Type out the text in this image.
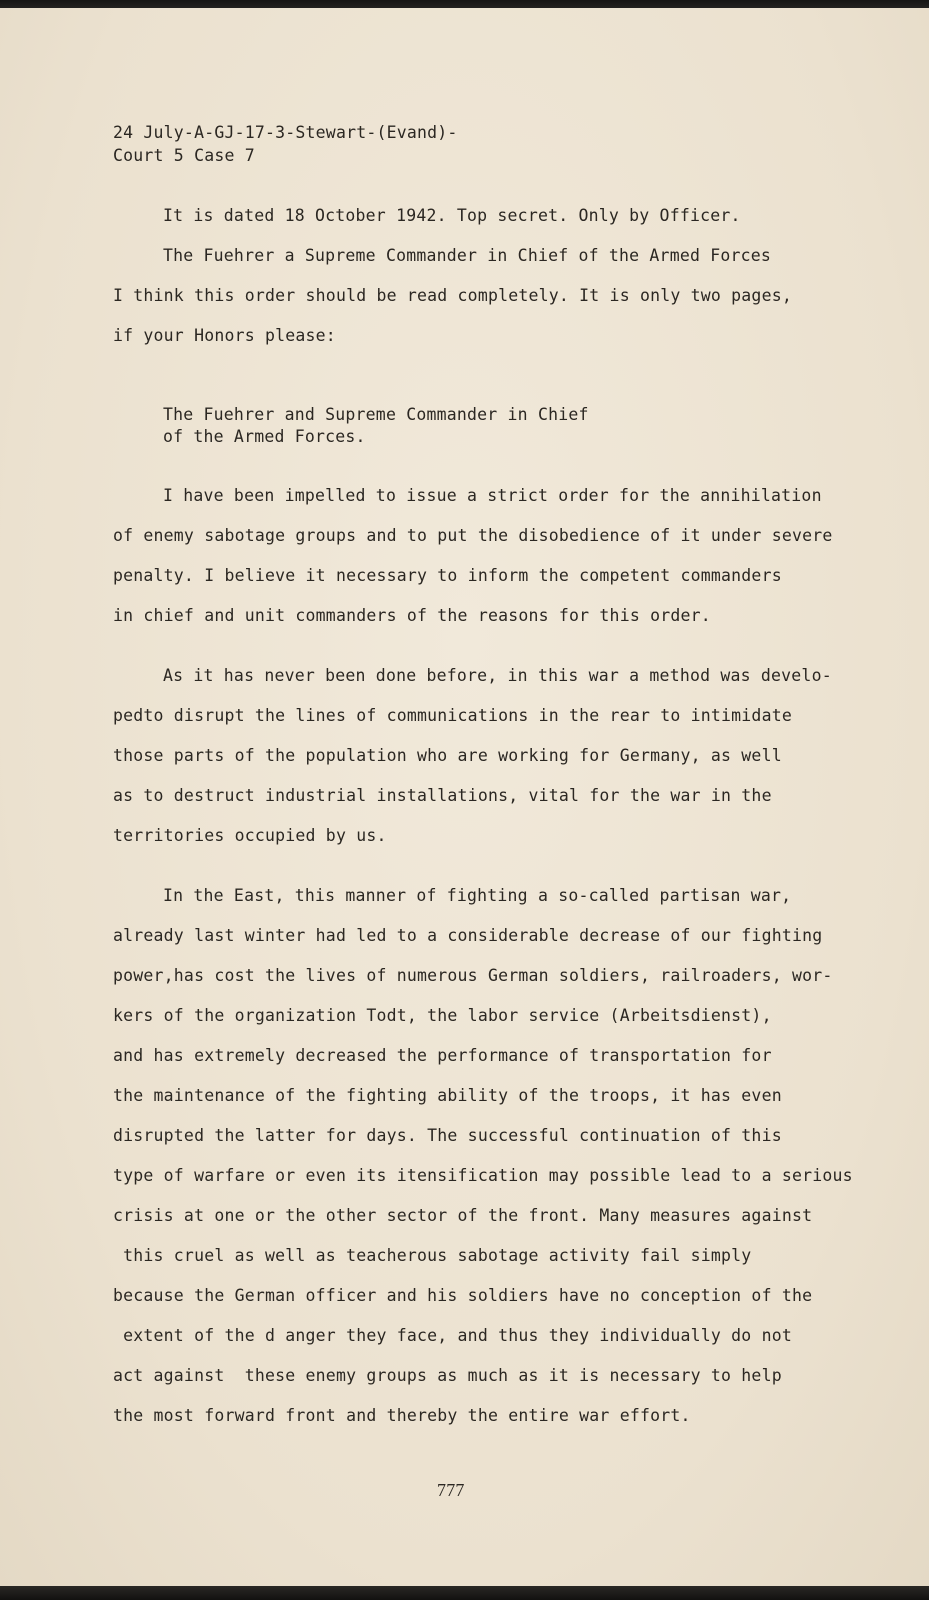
24 July-A-GJ-17-3-Stewart-(Evand)-
Court 5 Case 7
It is dated 18 October 1942. Top secret. Only by Officer.
The Fuehrer a Supreme Commander in Chief of the Armed Forces
I think this order should be read completely. It is only two pages,
if your Honors please:
The Fuehrer and Supreme Commander in Chief
of the Armed Forces.
I have been impelled to issue a strict order for the annihilation
of enemy sabotage groups and to put the disobedience of it under severe
penalty. I believe it necessary to inform the competent commanders
in chief and unit commanders of the reasons for this order.
As it has never been done before, in this war a method was develo-
pedto disrupt the lines of communications in the rear to intimidate
those parts of the population who are working for Germany, as well
as to destruct industrial installations, vital for the war in the
territories occupied by us.
In the East, this manner of fighting a so-called partisan war,
already last winter had led to a considerable decrease of our fighting
power,has cost the lives of numerous German soldiers, railroaders, wor-
kers of the organization Todt, the labor service (Arbeitsdienst),
and has extremely decreased the performance of transportation for
the maintenance of the fighting ability of the troops, it has even
disrupted the latter for days. The successful continuation of this
type of warfare or even its itensification may possible lead to a serious
crisis at one or the other sector of the front. Many measures against
this cruel as well as teacherous sabotage activity fail simply
because the German officer and his soldiers have no conception of the
extent of the d anger they face, and thus they individually do not
act against  these enemy groups as much as it is necessary to help
the most forward front and thereby the entire war effort.
777
